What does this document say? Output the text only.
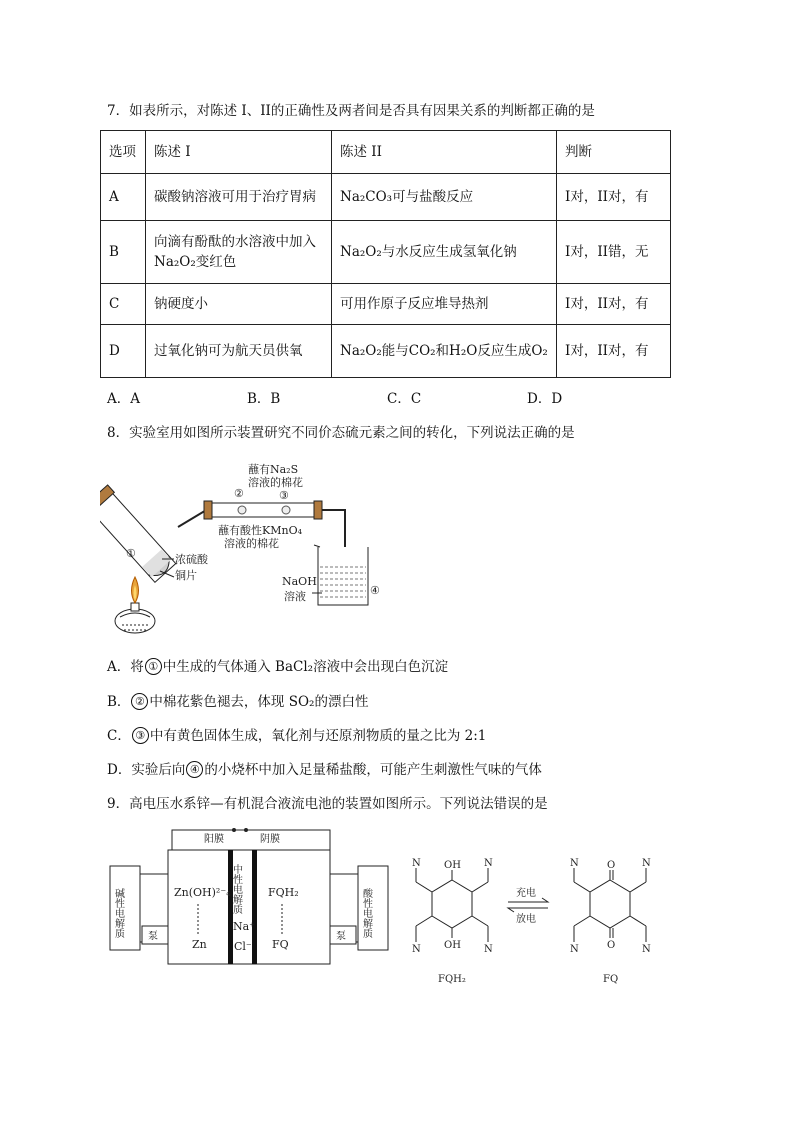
7．如表所示，对陈述 I、II的正确性及两者间是否具有因果关系的判断都正确的是
选项	陈述 I	陈述 II	判断
A	碳酸钠溶液可用于治疗胃病	Na₂CO₃可与盐酸反应	I对，II对，有
B	向滴有酚酞的水溶液中加入Na₂O₂变红色	Na₂O₂与水反应生成氢氧化钠	I对，II错，无
C	钠硬度小	可用作原子反应堆导热剂	I对，II对，有
D	过氧化钠可为航天员供氧	Na₂O₂能与CO₂和H₂O反应生成O₂	I对，II对，有
A．A	B．B	C．C	D．D
8．实验室用如图所示装置研究不同价态硫元素之间的转化，下列说法正确的是
蘸有Na₂S
溶液的棉花
②	③
蘸有酸性KMnO₄
溶液的棉花
①	浓硫酸
铜片	NaOH
溶液	④
A．将 ① 中生成的气体通入 BaCl₂溶液中会出现白色沉淀
B． ② 中棉花紫色褪去，体现 SO₂的漂白性
C． ③ 中有黄色固体生成，氧化剂与还原剂物质的量之比为 2:1
D．实验后向 ④ 的小烧杯中加入足量稀盐酸，可能产生刺激性气味的气体
9．高电压水系锌—有机混合液流电池的装置如图所示。下列说法错误的是
阳膜	阴膜
碱性电解质 泵
Zn(OH)²⁻₄
Zn
中性电解质
Na⁺
Cl⁻
FQH₂
FQ
泵 酸性电解质
OH
OH
N	N
N	N
FQH₂
充电
放电
O
O
N	N
N	N
FQ
